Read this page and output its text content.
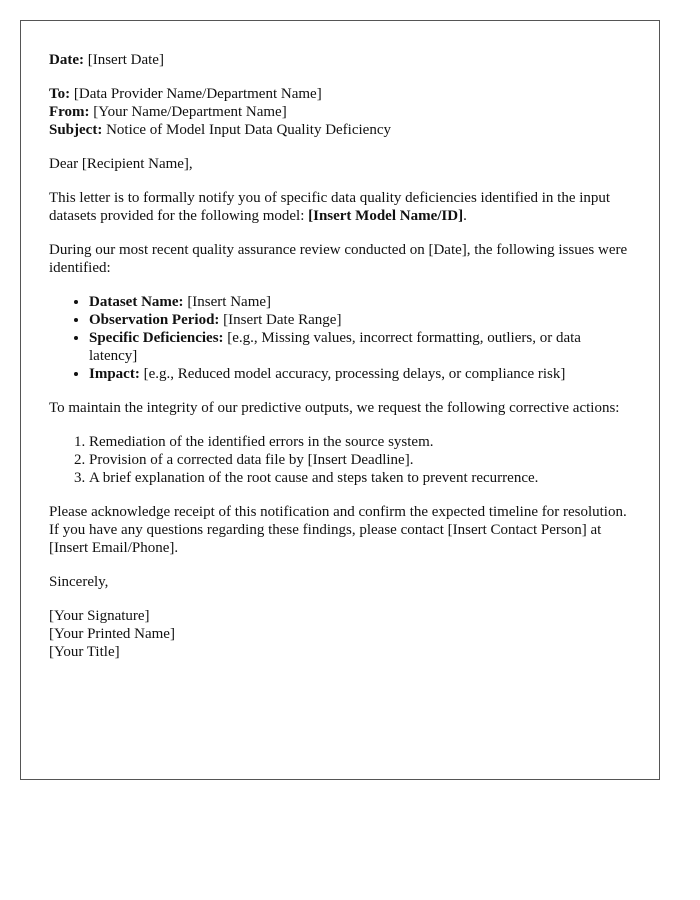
Date: [Insert Date]

To: [Data Provider Name/Department Name]

From: [Your Name/Department Name]

Subject: Notice of Model Input Data Quality Deficiency

Dear [Recipient Name],

This letter is to formally notify you of specific data quality deficiencies identified in the input datasets provided for the following model: [Insert Model Name/ID].

During our most recent quality assurance review conducted on [Date], the following issues were identified:

• Dataset Name: [Insert Name]
• Observation Period: [Insert Date Range]
• Specific Deficiencies: [e.g., Missing values, incorrect formatting, outliers, or data latency]
• Impact: [e.g., Reduced model accuracy, processing delays, or compliance risk]

To maintain the integrity of our predictive outputs, we request the following corrective actions:

1. Remediation of the identified errors in the source system.
2. Provision of a corrected data file by [Insert Deadline].
3. A brief explanation of the root cause and steps taken to prevent recurrence.

Please acknowledge receipt of this notification and confirm the expected timeline for resolution. If you have any questions regarding these findings, please contact [Insert Contact Person] at [Insert Email/Phone].

Sincerely,

[Your Signature]

[Your Printed Name]

[Your Title]
